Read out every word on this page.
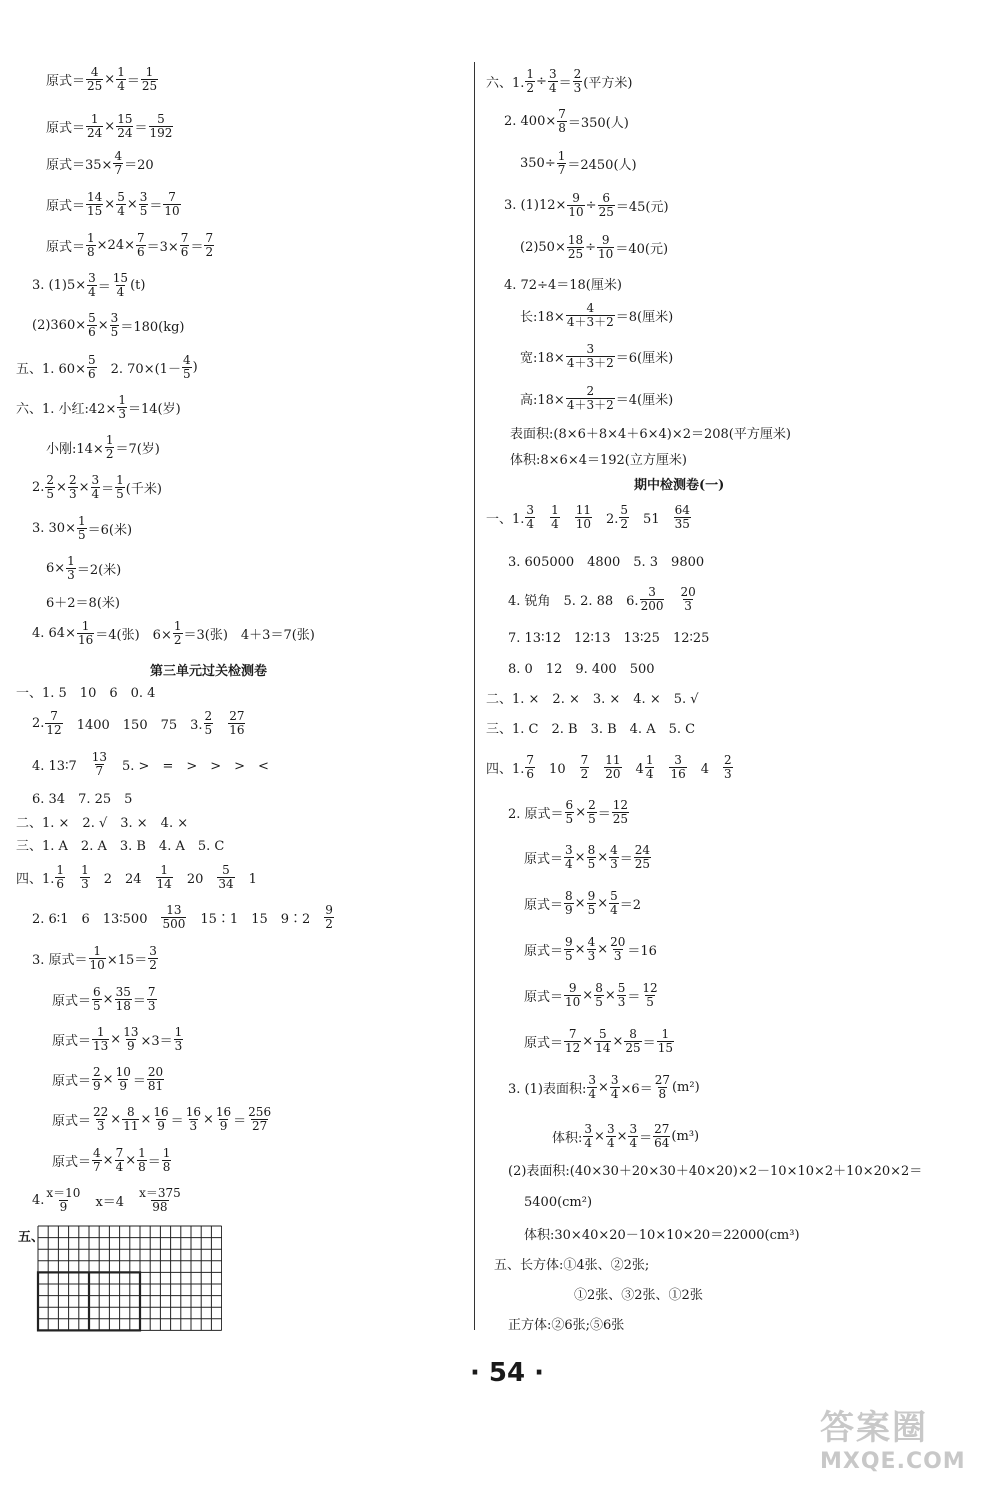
原式＝ $\frac{4}{25} \times \frac{1}{4} = \frac{1}{25}$
原式＝ $\frac{1}{24} \times \frac{15}{24} = \frac{5}{192}$
原式$=35\times \frac{4}{7} =20$
原式＝ $\frac{14}{15} \times \frac{5}{4} \times \frac{3}{5} = \frac{7}{10}$
原式＝ $\frac{1}{8} \times 24\times \frac{7}{6} =3\times \frac{7}{6} = \frac{7}{2}$
3. $(1)5\times \frac{3}{4} = \frac{15}{4} (t)$
$(2)360\times \frac{5}{6} \times \frac{3}{5} =180(kg)$
五、1. $60\times \frac{5}{6}$ 　2. $70\times(1- \frac{4}{5}$ )
六、1. 小红:42× $\frac{1}{3} =14$(岁)
小刚:14× $\frac{1}{2} =7$(岁)
2. $\frac{2}{5} \times \frac{2}{3} \times \frac{3}{4} = \frac{1}{5}$ (千米)
3. $30\times \frac{1}{5} =6$(米)
$6\times \frac{1}{3} =2$(米)
6＋2＝8(米)
4. $64\times \frac{1}{16} =4$(张)　$6\times \frac{1}{2} =3$(张)　4＋3＝7(张)
一、1. 5　10　6　0. 4
2. $\frac{7}{12}$ 　1400　150　75　3. $\frac{2}{5}$
　 $\frac{27}{16}$
4. 13∶7　 $\frac{13}{7}$ 　5. >　=　>　>　>　<
6. 34　7. 25　5
二、1. ×　2. √　3. ×　4. ×
三、1. A　2. A　3. B　4. A　5. C
四、1. $\frac{1}{6}$
　 $\frac{1}{3}$ 　2　24　 $\frac{1}{14}$ 　20　 $\frac{5}{34}$ 　1
2. 6∶1　6　13∶500　 $\frac{13}{500}$ 　15∶1　15　9∶2　 $\frac{9}{2}$
3. 原式＝ $\frac{1}{10} \times 15= \frac{3}{2}$
原式＝ $\frac{6}{5} \times \frac{35}{18} = \frac{7}{3}$
原式＝ $\frac{1}{13} \times \frac{13}{9} \times 3= \frac{1}{3}$
原式＝ $\frac{2}{9} \times \frac{10}{9} = \frac{20}{81}$
原式＝ $\frac{22}{3} \times \frac{8}{11} \times \frac{16}{9} = \frac{16}{3} \times \frac{16}{9} = \frac{256}{27}$
原式＝ $\frac{4}{7} \times \frac{7}{4} \times \frac{1}{8} = \frac{1}{8}$
4. $\frac{x=10}{9}$ 　x＝4　 $\frac{x=375}{98}$
六、1. $\frac{1}{2} \div \frac{3}{4} = \frac{2}{3}$ (平方米)
2. $400\times \frac{7}{8} =350$(人)
$350\div \frac{1}{7} =2450$(人)
3. $(1)12\times \frac{9}{10} \div \frac{6}{25} =45$(元)
$(2)50\times \frac{18}{25} \div \frac{9}{10} =40$(元)
4. 72÷4＝18(厘米)
长:18× $\frac{4}{4+3+2} =8$(厘米)
宽:18× $\frac{3}{4+3+2} =6$(厘米)
高:18× $\frac{2}{4+3+2} =4$(厘米)
表面积:(8×6＋8×4＋6×4)×2＝208(平方厘米)
体积:8×6×4＝192(立方厘米)
一、1. $\frac{3}{4}$
　 $\frac{1}{4}$
　 $\frac{11}{10}$ 　2. $\frac{5}{2}$ 　51　 $\frac{64}{35}$
3. 605000　4800　5. 3　9800
4. 锐角　5. 2. 88　6. $\frac{3}{200}$
　 $\frac{20}{3}$
7. 13∶12　12∶13　13∶25　12∶25
8. 0　12　9. 400　500
二、1. ×　2. ×　3. ×　4. ×　5. √
三、1. C　2. B　3. B　4. A　5. C
四、1. $\frac{7}{6}$ 　10　 $\frac{7}{2}$
　 $\frac{11}{20}$ 　$4 \frac{1}{4}$
　 $\frac{3}{16}$ 　4　 $\frac{2}{3}$
2. 原式＝ $\frac{6}{5} \times \frac{2}{5} = \frac{12}{25}$
原式＝ $\frac{3}{4} \times \frac{8}{5} \times \frac{4}{3} = \frac{24}{25}$
原式＝ $\frac{8}{9} \times \frac{9}{5} \times \frac{5}{4} =2$
原式＝ $\frac{9}{5} \times \frac{4}{3} \times \frac{20}{3} =16$
原式＝ $\frac{9}{10} \times \frac{8}{5} \times \frac{5}{3} = \frac{12}{5}$
原式＝ $\frac{7}{12} \times \frac{5}{14} \times \frac{8}{25} = \frac{1}{15}$
3. (1)表面积: $\frac{3}{4} \times \frac{3}{4} \times 6= \frac{27}{8} (m^2)$
体积: $\frac{3}{4} \times \frac{3}{4} \times \frac{3}{4} = \frac{27}{64} (m^3)$
(2)表面积:(40×30＋20×30＋40×20)×2－10×10×2＋10×20×2＝
5400(cm²)
体积:30×40×20－10×10×20＝22000(cm³)
五、长方体:①4张、②2张;
①2张、③2张、①2张
正方体:②6张;⑤6张
第三单元过关检测卷
期中检测卷(一)
五、
· 54 ·
答案圈
MXQE.COM
